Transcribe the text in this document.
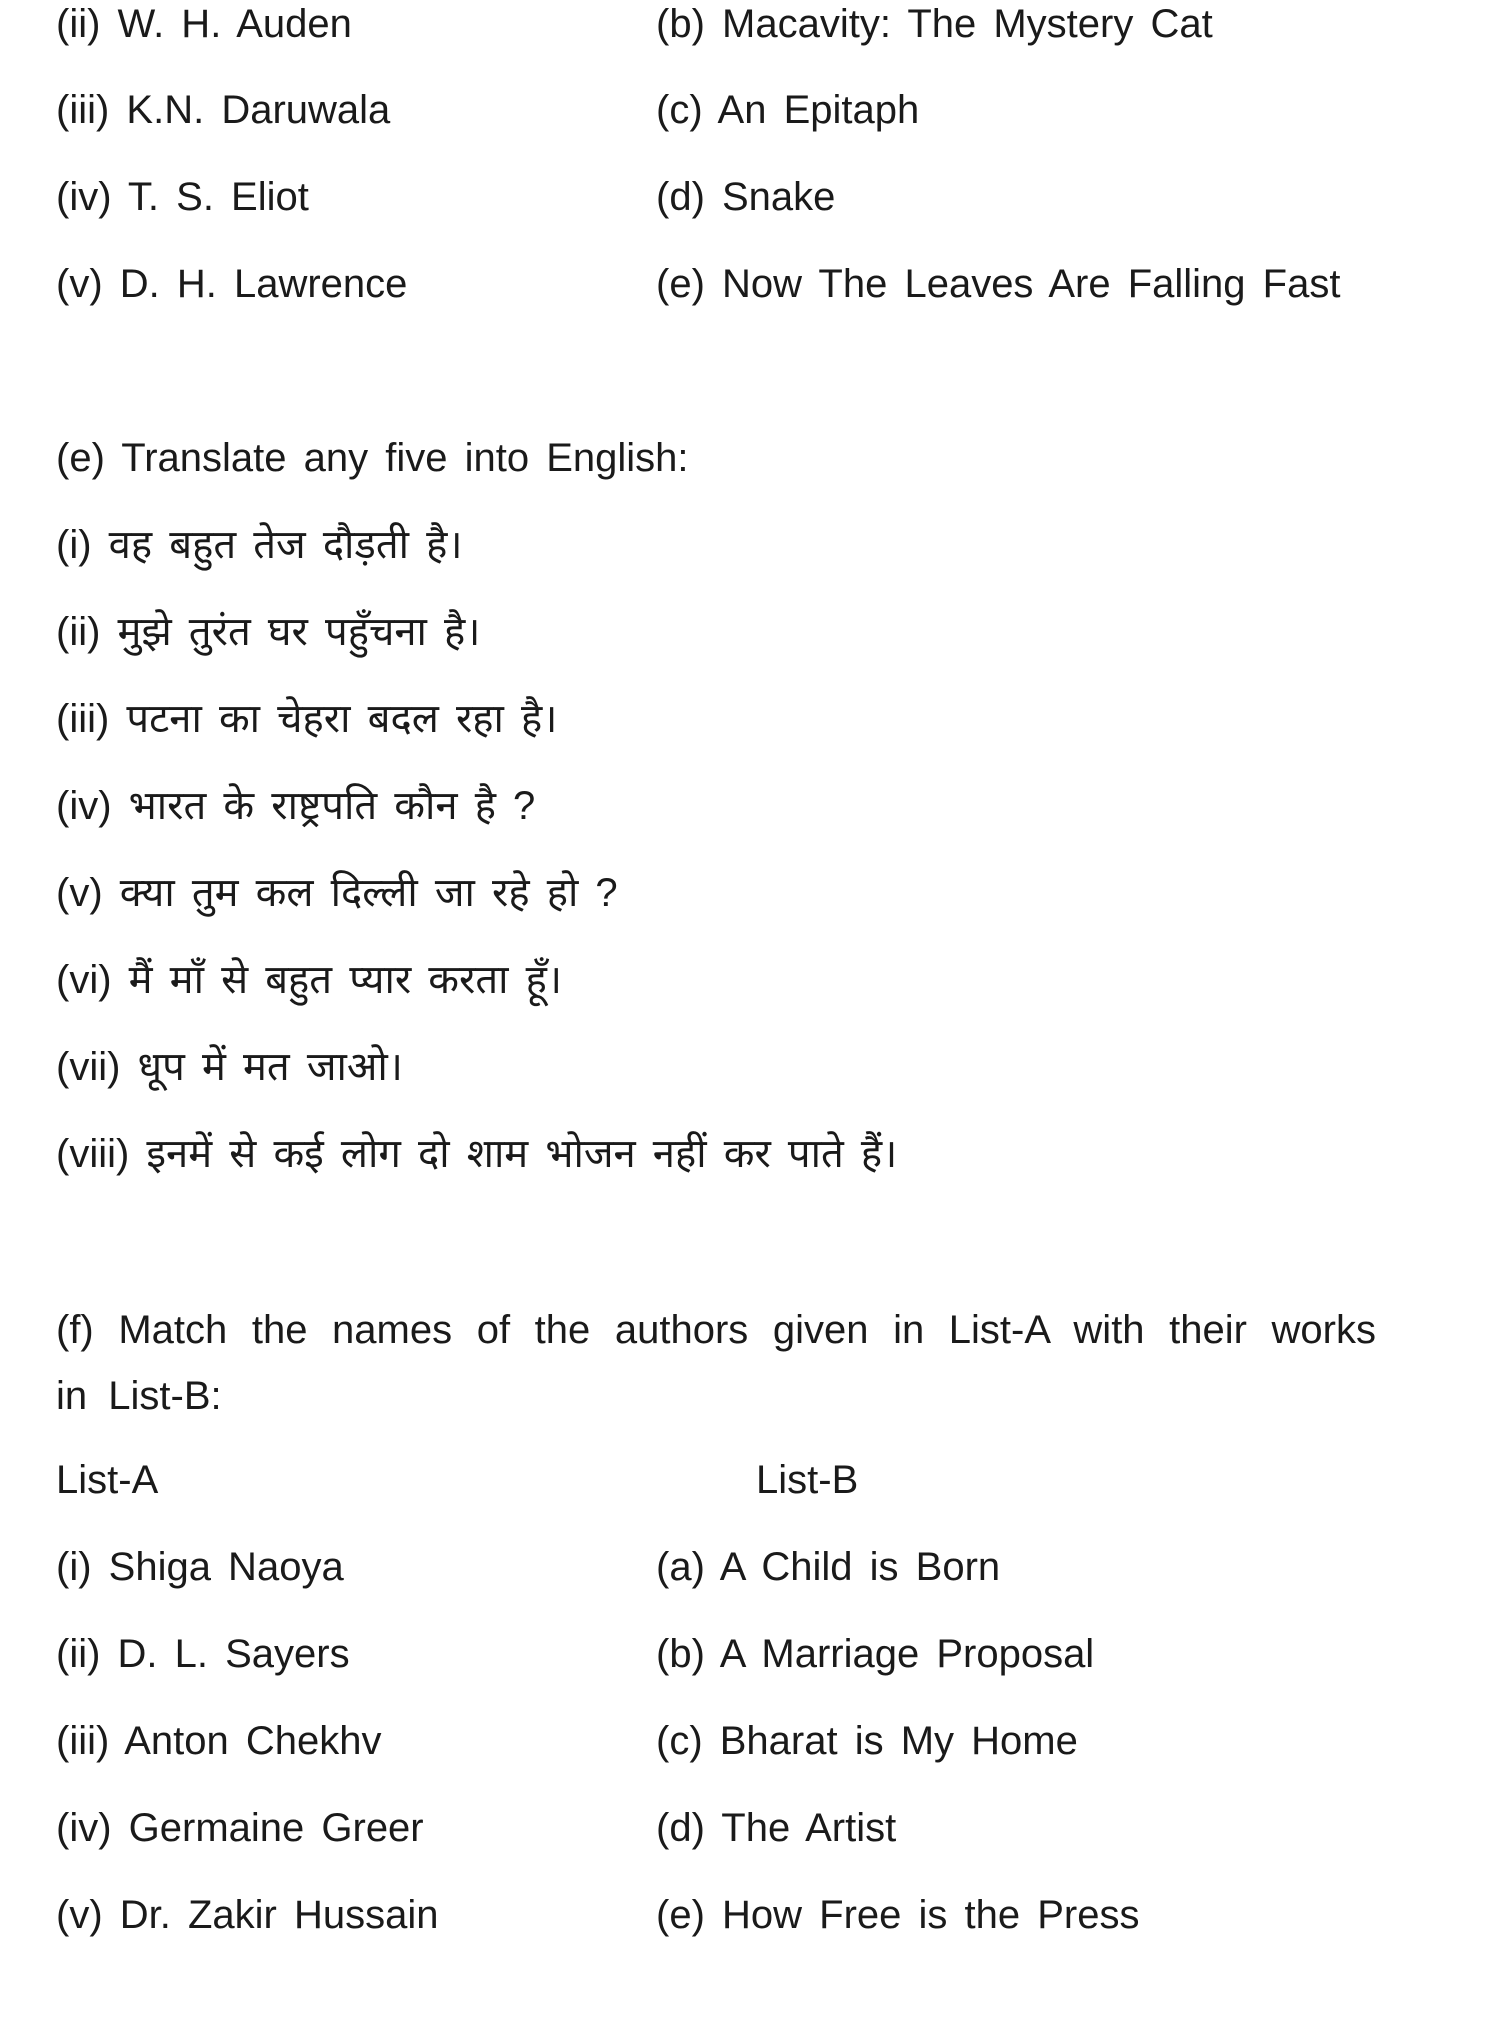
(ii) W. H. Auden	(b) Macavity: The Mystery Cat
(iii) K.N. Daruwala	(c) An Epitaph
(iv) T. S. Eliot	(d) Snake
(v) D. H. Lawrence	(e) Now The Leaves Are Falling Fast
(e) Translate any five into English:
(i) वह बहुत तेज दौड़ती है।
(ii) मुझे तुरंत घर पहुँचना है।
(iii) पटना का चेहरा बदल रहा है।
(iv) भारत के राष्ट्रपति कौन है ?
(v) क्या तुम कल दिल्ली जा रहे हो ?
(vi) मैं माँ से बहुत प्यार करता हूँ।
(vii) धूप में मत जाओ।
(viii) इनमें से कई लोग दो शाम भोजन नहीं कर पाते हैं।
(f) Match the names of the authors given in List-A with their works in List-B:
List-A	List-B
(i) Shiga Naoya	(a) A Child is Born
(ii) D. L. Sayers	(b) A Marriage Proposal
(iii) Anton Chekhv	(c) Bharat is My Home
(iv) Germaine Greer	(d) The Artist
(v) Dr. Zakir Hussain	(e) How Free is the Press
